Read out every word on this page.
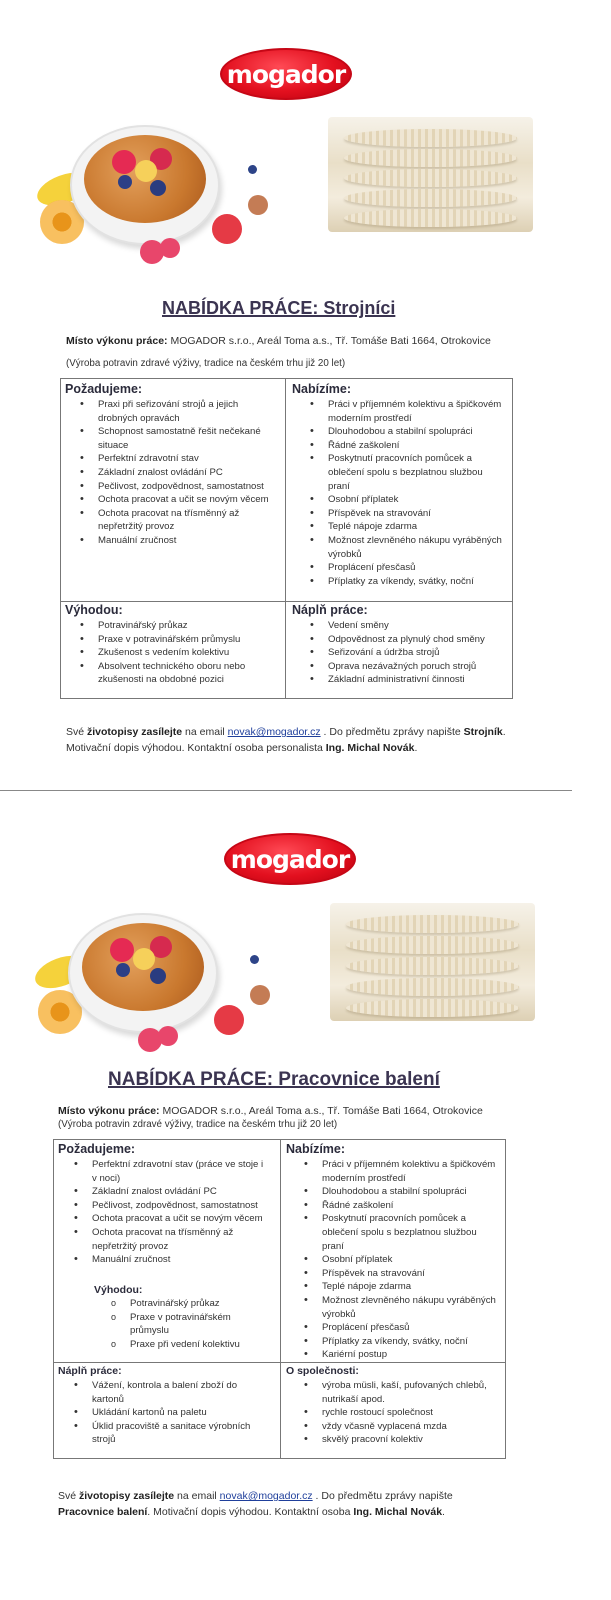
mogador
NABÍDKA PRÁCE: Strojníci
Místo výkonu práce: MOGADOR s.r.o., Areál Toma a.s., Tř. Tomáše Bati 1664, Otrokovice
(Výroba potravin zdravé výživy, tradice na českém trhu již 20 let)
Požadujeme:
• Praxi při seřizování strojů a jejich
drobných opravách
• Schopnost samostatně řešit nečekané
situace
• Perfektní zdravotní stav
• Základní znalost ovládání PC
• Pečlivost, zodpovědnost, samostatnost
• Ochota pracovat a učit se novým věcem
• Ochota pracovat na třísměnný až
nepřetržitý provoz
• Manuální zručnost
Nabízíme:
• Práci v příjemném kolektivu a špičkovém
moderním prostředí
• Dlouhodobou a stabilní spolupráci
• Řádné zaškolení
• Poskytnutí pracovních pomůcek a
oblečení spolu s bezplatnou službou
praní
• Osobní příplatek
• Příspěvek na stravování
• Teplé nápoje zdarma
• Možnost zlevněného nákupu vyráběných
výrobků
• Proplácení přesčasů
• Příplatky za víkendy, svátky, noční
Výhodou:
• Potravinářský průkaz
• Praxe v potravinářském průmyslu
• Zkušenost s vedením kolektivu
• Absolvent technického oboru nebo
zkušenosti na obdobné pozici
Náplň práce:
• Vedení směny
• Odpovědnost za plynulý chod směny
• Seřizování a údržba strojů
• Oprava nezávažných poruch strojů
• Základní administrativní činnosti
Své životopisy zasílejte na email novak@mogador.cz . Do předmětu zprávy napište Strojník.
Motivační dopis výhodou. Kontaktní osoba personalista Ing. Michal Novák.
mogador
NABÍDKA PRÁCE: Pracovnice balení
Místo výkonu práce: MOGADOR s.r.o., Areál Toma a.s., Tř. Tomáše Bati 1664, Otrokovice
(Výroba potravin zdravé výživy, tradice na českém trhu již 20 let)
Požadujeme:
• Perfektní zdravotní stav (práce ve stoje i
v noci)
• Základní znalost ovládání PC
• Pečlivost, zodpovědnost, samostatnost
• Ochota pracovat a učit se novým věcem
• Ochota pracovat na třísměnný až
nepřetržitý provoz
• Manuální zručnost
Výhodou:
o Potravinářský průkaz
o Praxe v potravinářském
průmyslu
o Praxe při vedení kolektivu
Nabízíme:
• Práci v příjemném kolektivu a špičkovém
moderním prostředí
• Dlouhodobou a stabilní spolupráci
• Řádné zaškolení
• Poskytnutí pracovních pomůcek a
oblečení spolu s bezplatnou službou
praní
• Osobní příplatek
• Příspěvek na stravování
• Teplé nápoje zdarma
• Možnost zlevněného nákupu vyráběných
výrobků
• Proplácení přesčasů
• Příplatky za víkendy, svátky, noční
• Kariérní postup
Náplň práce:
• Vážení, kontrola a balení zboží do
kartonů
• Ukládání kartonů na paletu
• Úklid pracoviště a sanitace výrobních
strojů
O společnosti:
• výroba müsli, kaší, pufovaných chlebů,
nutrikaší apod.
• rychle rostoucí společnost
• vždy včasně vyplacená mzda
• skvělý pracovní kolektiv
Své životopisy zasílejte na email novak@mogador.cz . Do předmětu zprávy napište
Pracovnice balení. Motivační dopis výhodou. Kontaktní osoba Ing. Michal Novák.
